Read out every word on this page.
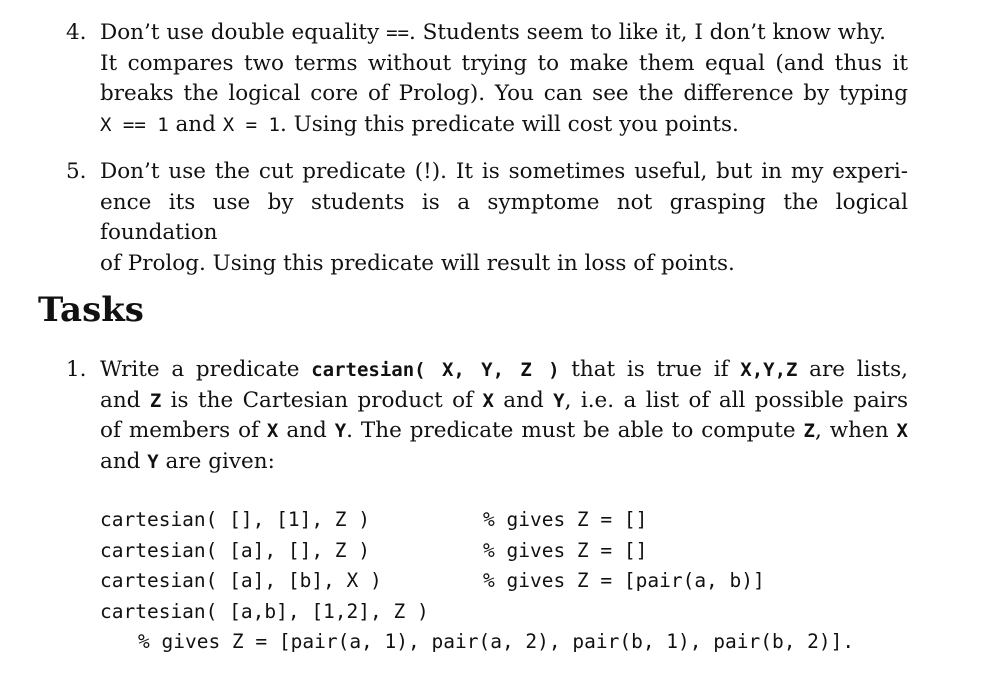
4. Don’t use double equality ==. Students seem to like it, I don’t know why.
It compares two terms without trying to make them equal (and thus it
breaks the logical core of Prolog). You can see the difference by typing
X == 1 and X = 1. Using this predicate will cost you points.
5. Don’t use the cut predicate (!). It is sometimes useful, but in my experi-
ence its use by students is a symptome not grasping the logical foundation
of Prolog. Using this predicate will result in loss of points.
Tasks
1. Write a predicate cartesian( X, Y, Z ) that is true if X,Y,Z are lists,
and Z is the Cartesian product of X and Y, i.e. a list of all possible pairs
of members of X and Y. The predicate must be able to compute Z, when X
and Y are given:
cartesian( [], [1], Z )	% gives Z = []
cartesian( [a], [], Z )	% gives Z = []
cartesian( [a], [b], X )	% gives Z = [pair(a, b)]
cartesian( [a,b], [1,2], Z )
% gives Z = [pair(a, 1), pair(a, 2), pair(b, 1), pair(b, 2)].
